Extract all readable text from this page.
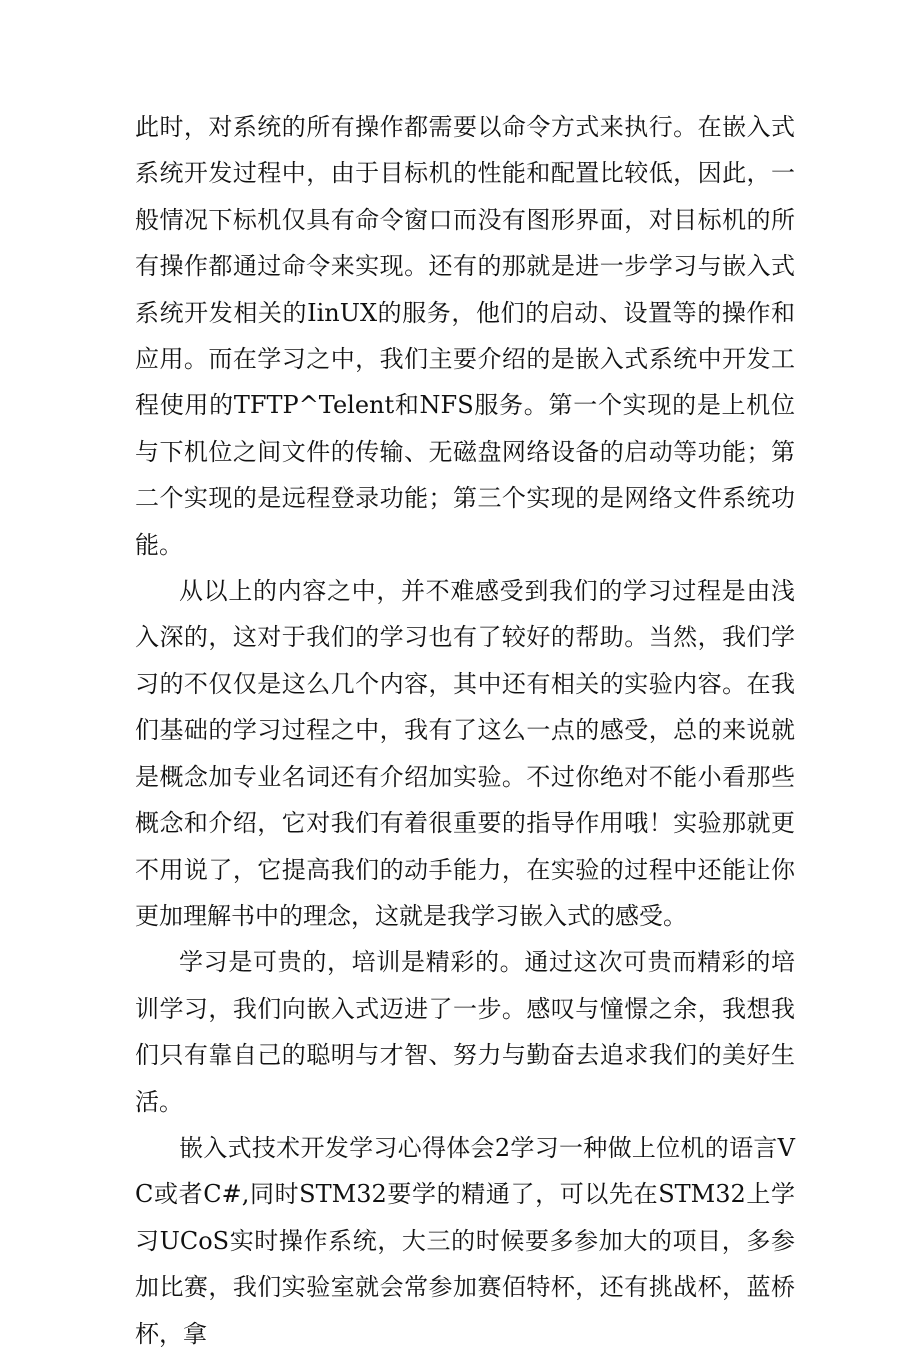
此时，对系统的所有操作都需要以命令方式来执行。在嵌入式系统开发过程中，由于目标机的性能和配置比较低，因此，一般情况下标机仅具有命令窗口而没有图形界面，对目标机的所有操作都通过命令来实现。还有的那就是进一步学习与嵌入式系统开发相关的IinUX的服务，他们的启动、设置等的操作和应用。而在学习之中，我们主要介绍的是嵌入式系统中开发工程使用的TFTP^Telent和NFS服务。第一个实现的是上机位与下机位之间文件的传输、无磁盘网络设备的启动等功能；第二个实现的是远程登录功能；第三个实现的是网络文件系统功能。

从以上的内容之中，并不难感受到我们的学习过程是由浅入深的，这对于我们的学习也有了较好的帮助。当然，我们学习的不仅仅是这么几个内容，其中还有相关的实验内容。在我们基础的学习过程之中，我有了这么一点的感受，总的来说就是概念加专业名词还有介绍加实验。不过你绝对不能小看那些概念和介绍，它对我们有着很重要的指导作用哦！实验那就更不用说了，它提高我们的动手能力，在实验的过程中还能让你更加理解书中的理念，这就是我学习嵌入式的感受。

学习是可贵的，培训是精彩的。通过这次可贵而精彩的培训学习，我们向嵌入式迈进了一步。感叹与憧憬之余，我想我们只有靠自己的聪明与才智、努力与勤奋去追求我们的美好生活。

嵌入式技术开发学习心得体会2学习一种做上位机的语言VC或者C#,同时STM32要学的精通了，可以先在STM32上学习UCoS实时操作系统，大三的时候要多参加大的项目，多参加比赛，我们实验室就会常参加赛佰特杯，还有挑战杯，蓝桥杯，拿
